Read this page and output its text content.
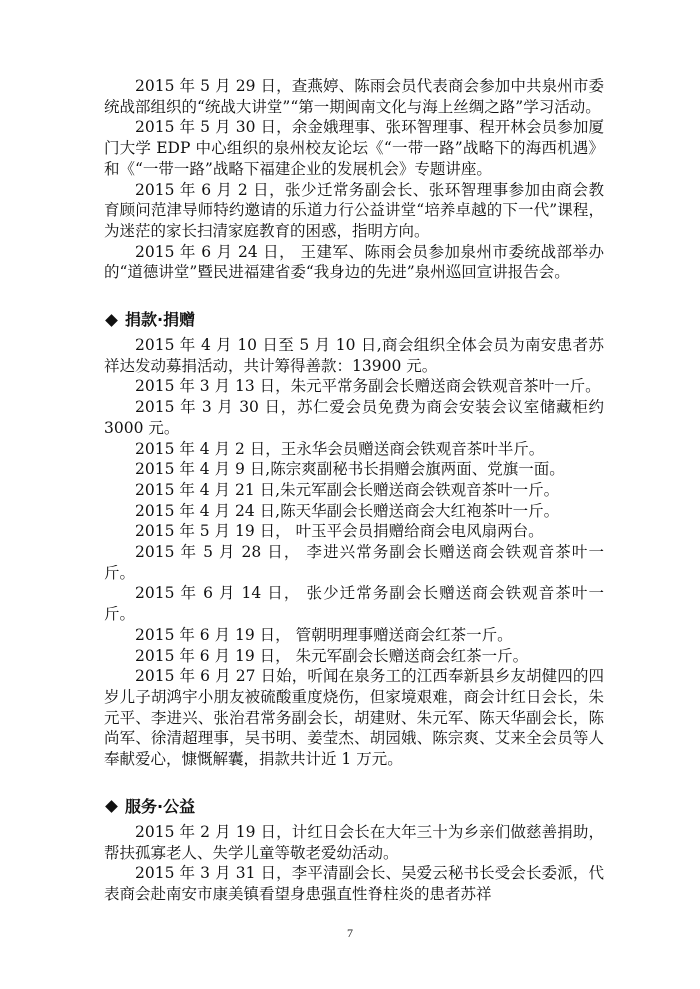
2015 年 5 月 29 日，查燕婷、陈雨会员代表商会参加中共泉州市委统战部组织的“统战大讲堂”“第一期闽南文化与海上丝绸之路”学习活动。

2015 年 5 月 30 日，余金娥理事、张环智理事、程开林会员参加厦门大学 EDP 中心组织的泉州校友论坛《“一带一路”战略下的海西机遇》和《“一带一路”战略下福建企业的发展机会》专题讲座。

2015 年 6 月 2 日，张少迁常务副会长、张环智理事参加由商会教育顾问范津导师特约邀请的乐道力行公益讲堂“培养卓越的下一代”课程，为迷茫的家长扫清家庭教育的困惑，指明方向。

2015 年 6 月 24 日， 王建军、陈雨会员参加泉州市委统战部举办的“道德讲堂”暨民进福建省委“我身边的先进”泉州巡回宣讲报告会。

捐款·捐赠

2015 年 4 月 10 日至 5 月 10 日,商会组织全体会员为南安患者苏祥达发动募捐活动，共计筹得善款：13900 元。

2015 年 3 月 13 日，朱元平常务副会长赠送商会铁观音茶叶一斤。

2015 年 3 月 30 日，苏仁爱会员免费为商会安装会议室储藏柜约 3000 元。

2015 年 4 月 2 日，王永华会员赠送商会铁观音茶叶半斤。

2015 年 4 月 9 日,陈宗爽副秘书长捐赠会旗两面、党旗一面。

2015 年 4 月 21 日,朱元军副会长赠送商会铁观音茶叶一斤。

2015 年 4 月 24 日,陈天华副会长赠送商会大红袍茶叶一斤。

2015 年 5 月 19 日， 叶玉平会员捐赠给商会电风扇两台。

2015 年 5 月 28 日， 李进兴常务副会长赠送商会铁观音茶叶一斤。

2015 年 6 月 14 日， 张少迁常务副会长赠送商会铁观音茶叶一斤。

2015 年 6 月 19 日， 管朝明理事赠送商会红茶一斤。

2015 年 6 月 19 日， 朱元军副会长赠送商会红茶一斤。

2015 年 6 月 27 日始，听闻在泉务工的江西奉新县乡友胡健四的四岁儿子胡鸿宇小朋友被硫酸重度烧伤，但家境艰难，商会计红日会长，朱元平、李进兴、张治君常务副会长，胡建财、朱元军、陈天华副会长，陈尚军、徐清超理事，吴书明、姜莹杰、胡园娥、陈宗爽、艾来全会员等人奉献爱心，慷慨解囊，捐款共计近 1 万元。

服务·公益

2015 年 2 月 19 日，计红日会长在大年三十为乡亲们做慈善捐助，帮扶孤寡老人、失学儿童等敬老爱幼活动。

2015 年 3 月 31 日，李平清副会长、吴爱云秘书长受会长委派，代表商会赴南安市康美镇看望身患强直性脊柱炎的患者苏祥

7
